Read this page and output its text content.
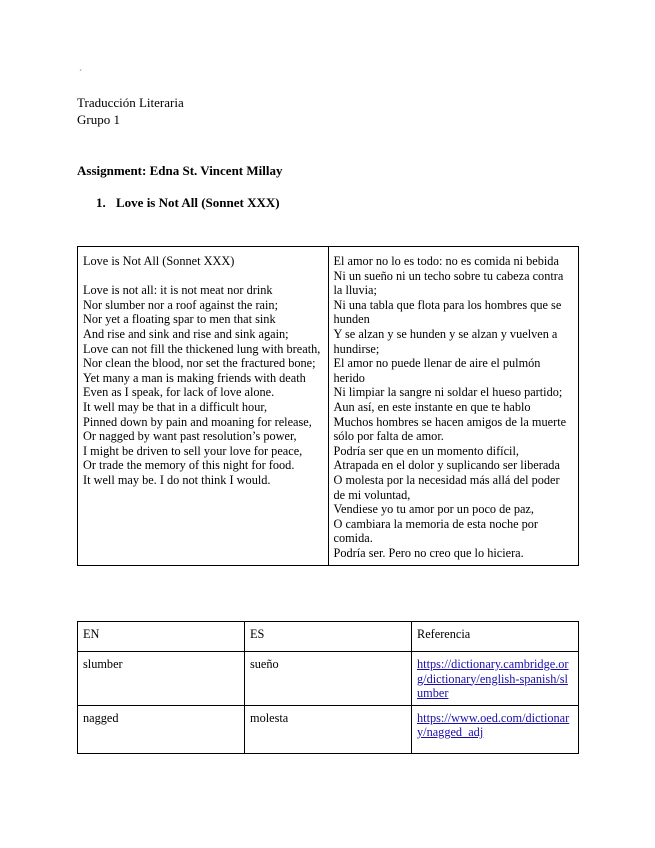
´
Traducción Literaria
Grupo 1
Assignment: Edna St. Vincent Millay
1. Love is Not All (Sonnet XXX)
Love is Not All (Sonnet XXX)
Love is not all: it is not meat nor drink
Nor slumber nor a roof against the rain;
Nor yet a floating spar to men that sink
And rise and sink and rise and sink again;
Love can not fill the thickened lung with breath,
Nor clean the blood, nor set the fractured bone;
Yet many a man is making friends with death
Even as I speak, for lack of love alone.
It well may be that in a difficult hour,
Pinned down by pain and moaning for release,
Or nagged by want past resolution’s power,
I might be driven to sell your love for peace,
Or trade the memory of this night for food.
It well may be. I do not think I would.

El amor no lo es todo: no es comida ni bebida
Ni un sueño ni un techo sobre tu cabeza contra la lluvia;
Ni una tabla que flota para los hombres que se hunden
Y se alzan y se hunden y se alzan y vuelven a hundirse;
El amor no puede llenar de aire el pulmón herido
Ni limpiar la sangre ni soldar el hueso partido;
Aun así, en este instante en que te hablo
Muchos hombres se hacen amigos de la muerte sólo por falta de amor.
Podría ser que en un momento difícil,
Atrapada en el dolor y suplicando ser liberada
O molesta por la necesidad más allá del poder de mi voluntad,
Vendiese yo tu amor por un poco de paz,
O cambiara la memoria de esta noche por comida.
Podría ser. Pero no creo que lo hiciera.
EN	ES	Referencia
slumber	sueño	https://dictionary.cambridge.org/dictionary/english-spanish/slumber
nagged	molesta	https://www.oed.com/dictionary/nagged_adj
